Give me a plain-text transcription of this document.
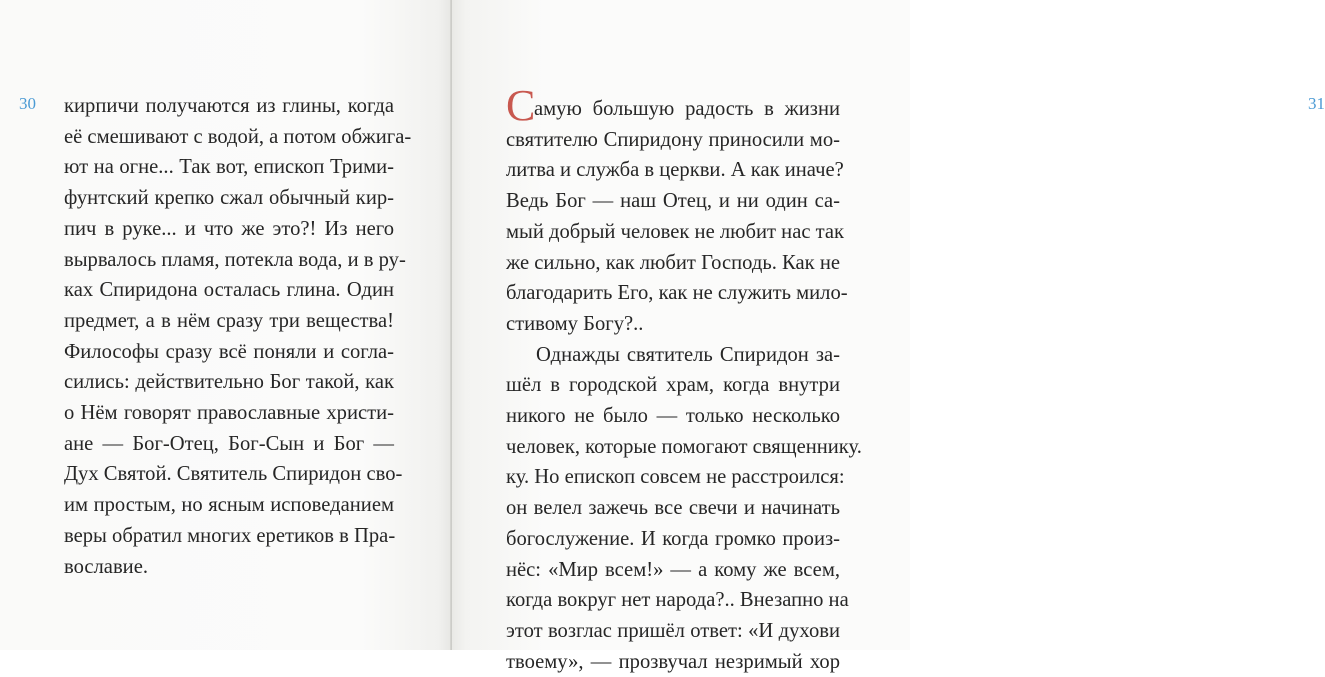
30 кирпичи получаются из глины, когда
её смешивают с водой, а потом обжига-
ют на огне... Так вот, епископ Трими-
фунтский крепко сжал обычный кир-
пич в руке... и что же это?! Из него
вырвалось пламя, потекла вода, и в ру-
ках Спиридона осталась глина. Один
предмет, а в нём сразу три вещества!
Философы сразу всё поняли и согла-
сились: действительно Бог такой, как
о Нём говорят православные христи-
ане — Бог-Отец, Бог-Сын и Бог —
Дух Святой. Святитель Спиридон сво-
им простым, но ясным исповеданием
веры обратил многих еретиков в Пра-
вославие.
31
С
амую большую радость в жизни
святителю Спиридону приносили мо-
литва и служба в церкви. А как иначе?
Ведь Бог — наш Отец, и ни один са-
мый добрый человек не любит нас так
же сильно, как любит Господь. Как не
благодарить Его, как не служить мило-
стивому Богу?..
Однажды святитель Спиридон за-
шёл в городской храм, когда внутри
никого не было — только несколько
человек, которые помогают священнику.
ку. Но епископ совсем не расстроился:
он велел зажечь все свечи и начинать
богослужение. И когда громко произ-
нёс: «Мир всем!» — а кому же всем,
когда вокруг нет народа?.. Внезапно на
этот возглас пришёл ответ: «И духови
твоему», — прозвучал незримый хор
